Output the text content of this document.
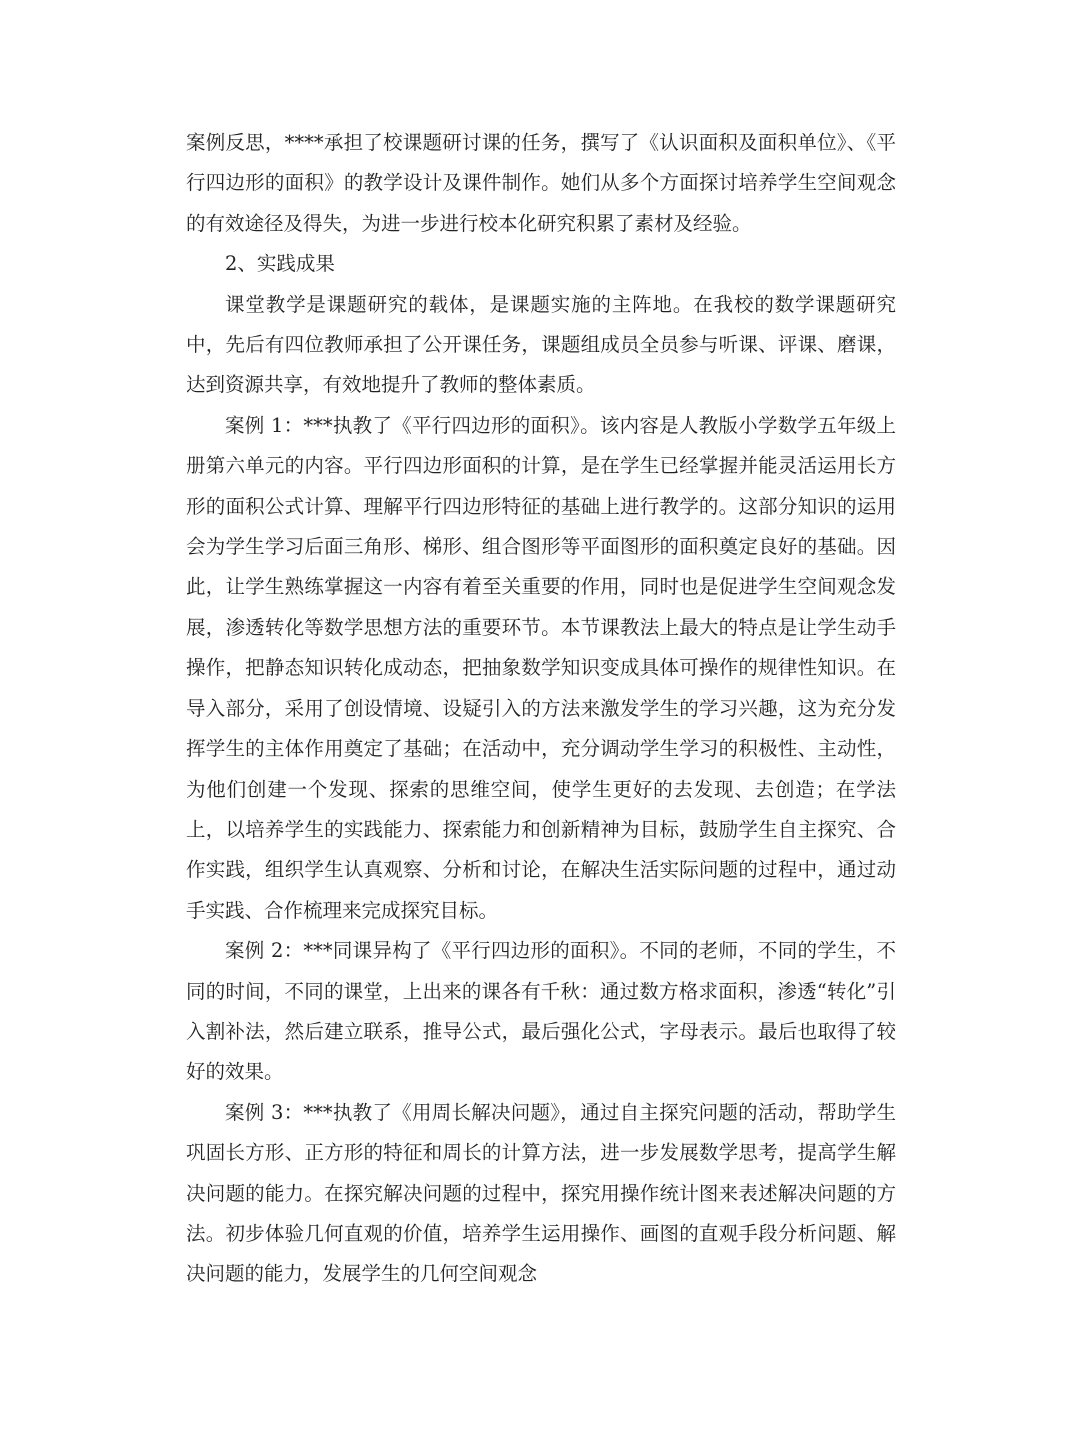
案例反思，****承担了校课题研讨课的任务，撰写了《认识面积及面积单位》、《平行四边形的面积》的教学设计及课件制作。她们从多个方面探讨培养学生空间观念的有效途径及得失，为进一步进行校本化研究积累了素材及经验。

2、实践成果

课堂教学是课题研究的载体，是课题实施的主阵地。在我校的数学课题研究中，先后有四位教师承担了公开课任务，课题组成员全员参与听课、评课、磨课，达到资源共享，有效地提升了教师的整体素质。

案例 1：***执教了《平行四边形的面积》。该内容是人教版小学数学五年级上册第六单元的内容。平行四边形面积的计算，是在学生已经掌握并能灵活运用长方形的面积公式计算、理解平行四边形特征的基础上进行教学的。这部分知识的运用会为学生学习后面三角形、梯形、组合图形等平面图形的面积奠定良好的基础。因此，让学生熟练掌握这一内容有着至关重要的作用，同时也是促进学生空间观念发展，渗透转化等数学思想方法的重要环节。本节课教法上最大的特点是让学生动手操作，把静态知识转化成动态，把抽象数学知识变成具体可操作的规律性知识。在导入部分，采用了创设情境、设疑引入的方法来激发学生的学习兴趣，这为充分发挥学生的主体作用奠定了基础；在活动中，充分调动学生学习的积极性、主动性，为他们创建一个发现、探索的思维空间，使学生更好的去发现、去创造；在学法上，以培养学生的实践能力、探索能力和创新精神为目标，鼓励学生自主探究、合作实践，组织学生认真观察、分析和讨论，在解决生活实际问题的过程中，通过动手实践、合作梳理来完成探究目标。

案例 2：***同课异构了《平行四边形的面积》。不同的老师，不同的学生，不同的时间，不同的课堂，上出来的课各有千秋：通过数方格求面积，渗透“转化”引入割补法，然后建立联系，推导公式，最后强化公式，字母表示。最后也取得了较好的效果。

案例 3：***执教了《用周长解决问题》，通过自主探究问题的活动，帮助学生巩固长方形、正方形的特征和周长的计算方法，进一步发展数学思考，提高学生解决问题的能力。在探究解决问题的过程中，探究用操作统计图来表述解决问题的方法。初步体验几何直观的价值，培养学生运用操作、画图的直观手段分析问题、解决问题的能力，发展学生的几何空间观念
